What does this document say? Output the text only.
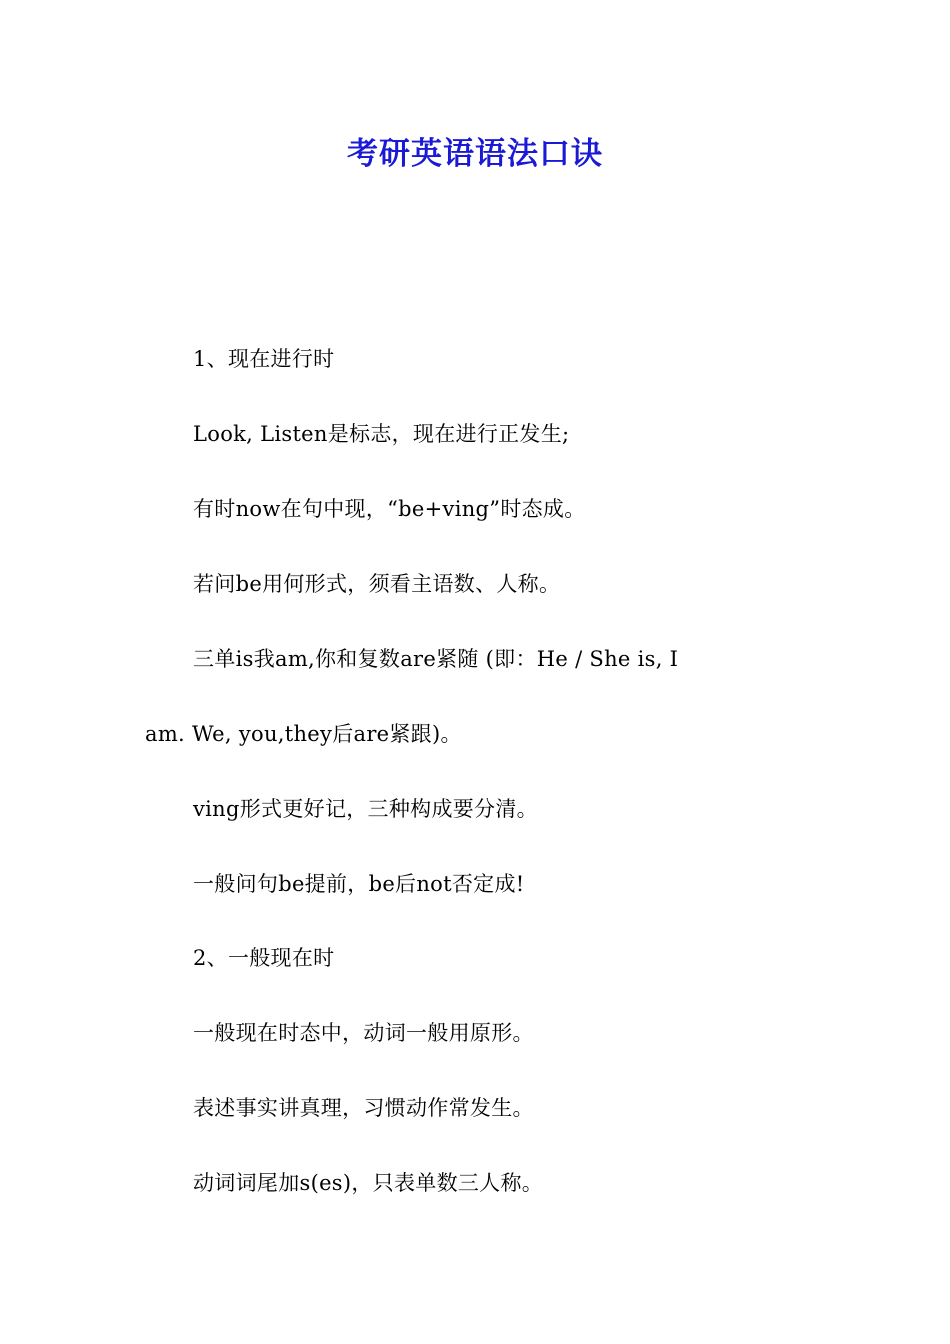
考研英语语法口诀
1、现在进行时
Look, Listen是标志，现在进行正发生;
有时now在句中现，“be+ving”时态成。
若问be用何形式，须看主语数、人称。
三单is我am,你和复数are紧随 (即：He / She is, I
am. We, you,they后are紧跟)。
ving形式更好记，三种构成要分清。
一般问句be提前，be后not否定成!
2、一般现在时
一般现在时态中，动词一般用原形。
表述事实讲真理，习惯动作常发生。
动词词尾加s(es)，只表单数三人称。
